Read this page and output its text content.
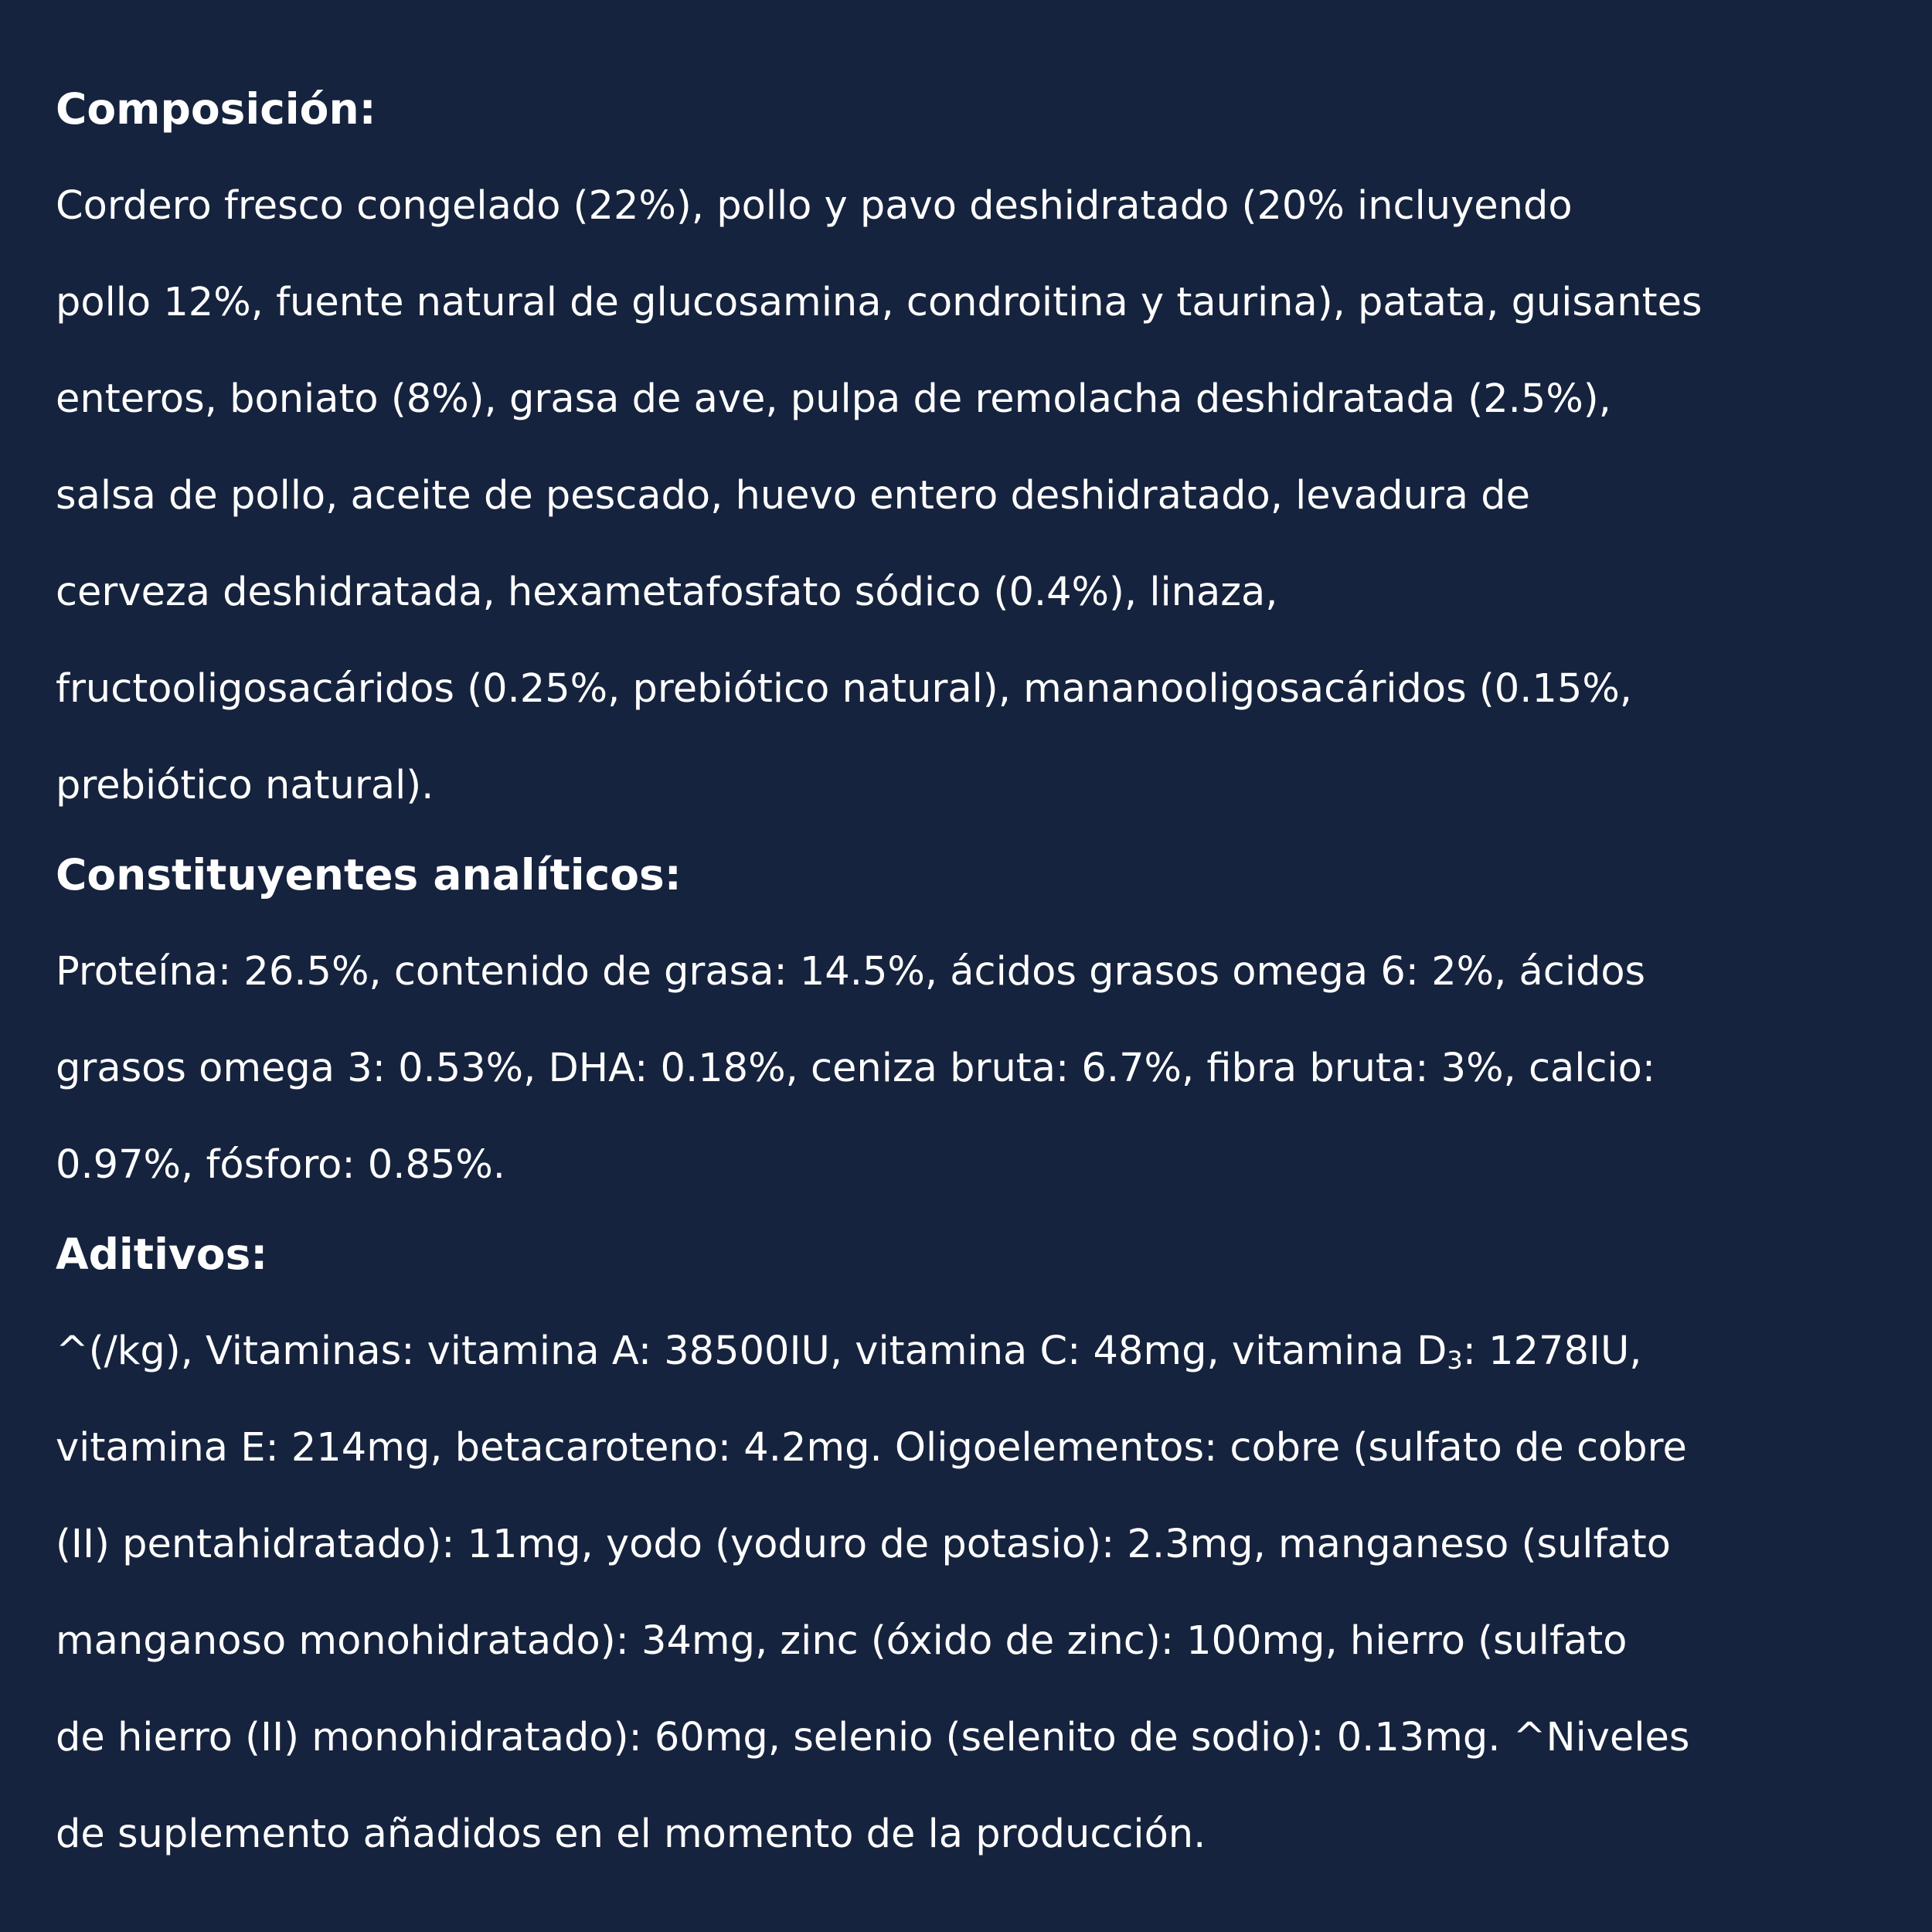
Composición:

Cordero fresco congelado (22%), pollo y pavo deshidratado (20% incluyendo
pollo 12%, fuente natural de glucosamina, condroitina y taurina), patata, guisantes
enteros, boniato (8%), grasa de ave, pulpa de remolacha deshidratada (2.5%),
salsa de pollo, aceite de pescado, huevo entero deshidratado, levadura de
cerveza deshidratada, hexametafosfato sódico (0.4%), linaza,
fructooligosacáridos (0.25%, prebiótico natural), mananooligosacáridos (0.15%,
prebiótico natural).

Constituyentes analíticos:

Proteína: 26.5%, contenido de grasa: 14.5%, ácidos grasos omega 6: 2%, ácidos
grasos omega 3: 0.53%, DHA: 0.18%, ceniza bruta: 6.7%, fibra bruta: 3%, calcio:
0.97%, fósforo: 0.85%.

Aditivos:

^(/kg), Vitaminas: vitamina A: 38500IU, vitamina C: 48mg, vitamina $D_3$: 1278IU,
vitamina E: 214mg, betacaroteno: 4.2mg. Oligoelementos: cobre (sulfato de cobre
(II) pentahidratado): 11mg, yodo (yoduro de potasio): 2.3mg, manganeso (sulfato
manganoso monohidratado): 34mg, zinc (óxido de zinc): 100mg, hierro (sulfato
de hierro (II) monohidratado): 60mg, selenio (selenito de sodio): 0.13mg. ^Niveles
de suplemento añadidos en el momento de la producción.
